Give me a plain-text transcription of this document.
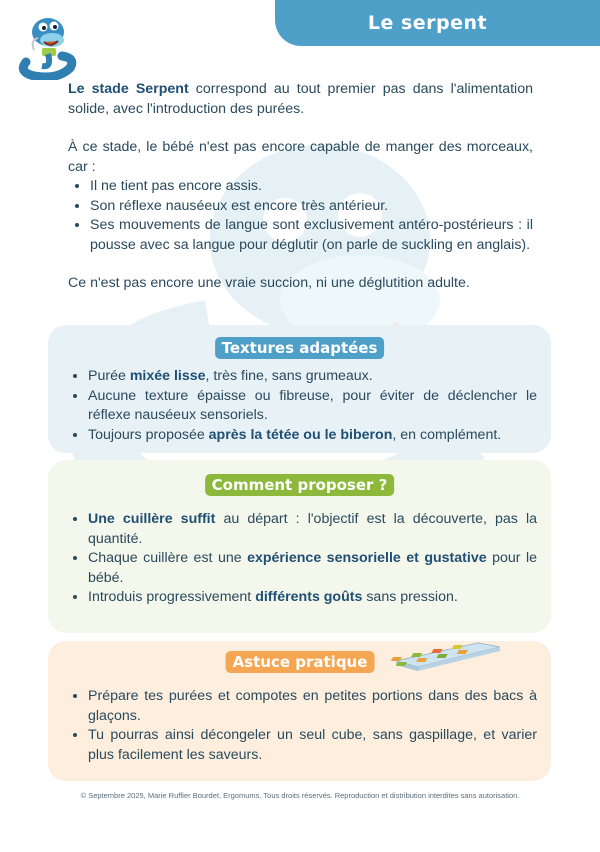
Le serpent

Le stade Serpent correspond au tout premier pas dans l'alimentation solide, avec l'introduction des purées.

À ce stade, le bébé n'est pas encore capable de manger des morceaux, car :

• Il ne tient pas encore assis.
• Son réflexe nauséeux est encore très antérieur.
• Ses mouvements de langue sont exclusivement antéro-postérieurs : il pousse avec sa langue pour déglutir (on parle de suckling en anglais).

Ce n'est pas encore une vraie succion, ni une déglutition adulte.

Textures adaptées
• Purée mixée lisse, très fine, sans grumeaux.
• Aucune texture épaisse ou fibreuse, pour éviter de déclencher le réflexe nauséeux sensoriels.
• Toujours proposée après la tétée ou le biberon, en complément.
Comment proposer ?
• Une cuillère suffit au départ : l'objectif est la découverte, pas la quantité.
• Chaque cuillère est une expérience sensorielle et gustative pour le bébé.
• Introduis progressivement différents goûts sans pression.
Astuce pratique
• Prépare tes purées et compotes en petites portions dans des bacs à glaçons.
• Tu pourras ainsi décongeler un seul cube, sans gaspillage, et varier plus facilement les saveurs.
© Septembre 2025, Marie Ruffier Bourdet, Ergomums. Tous droits réservés. Reproduction et distribution interdites sans autorisation.
